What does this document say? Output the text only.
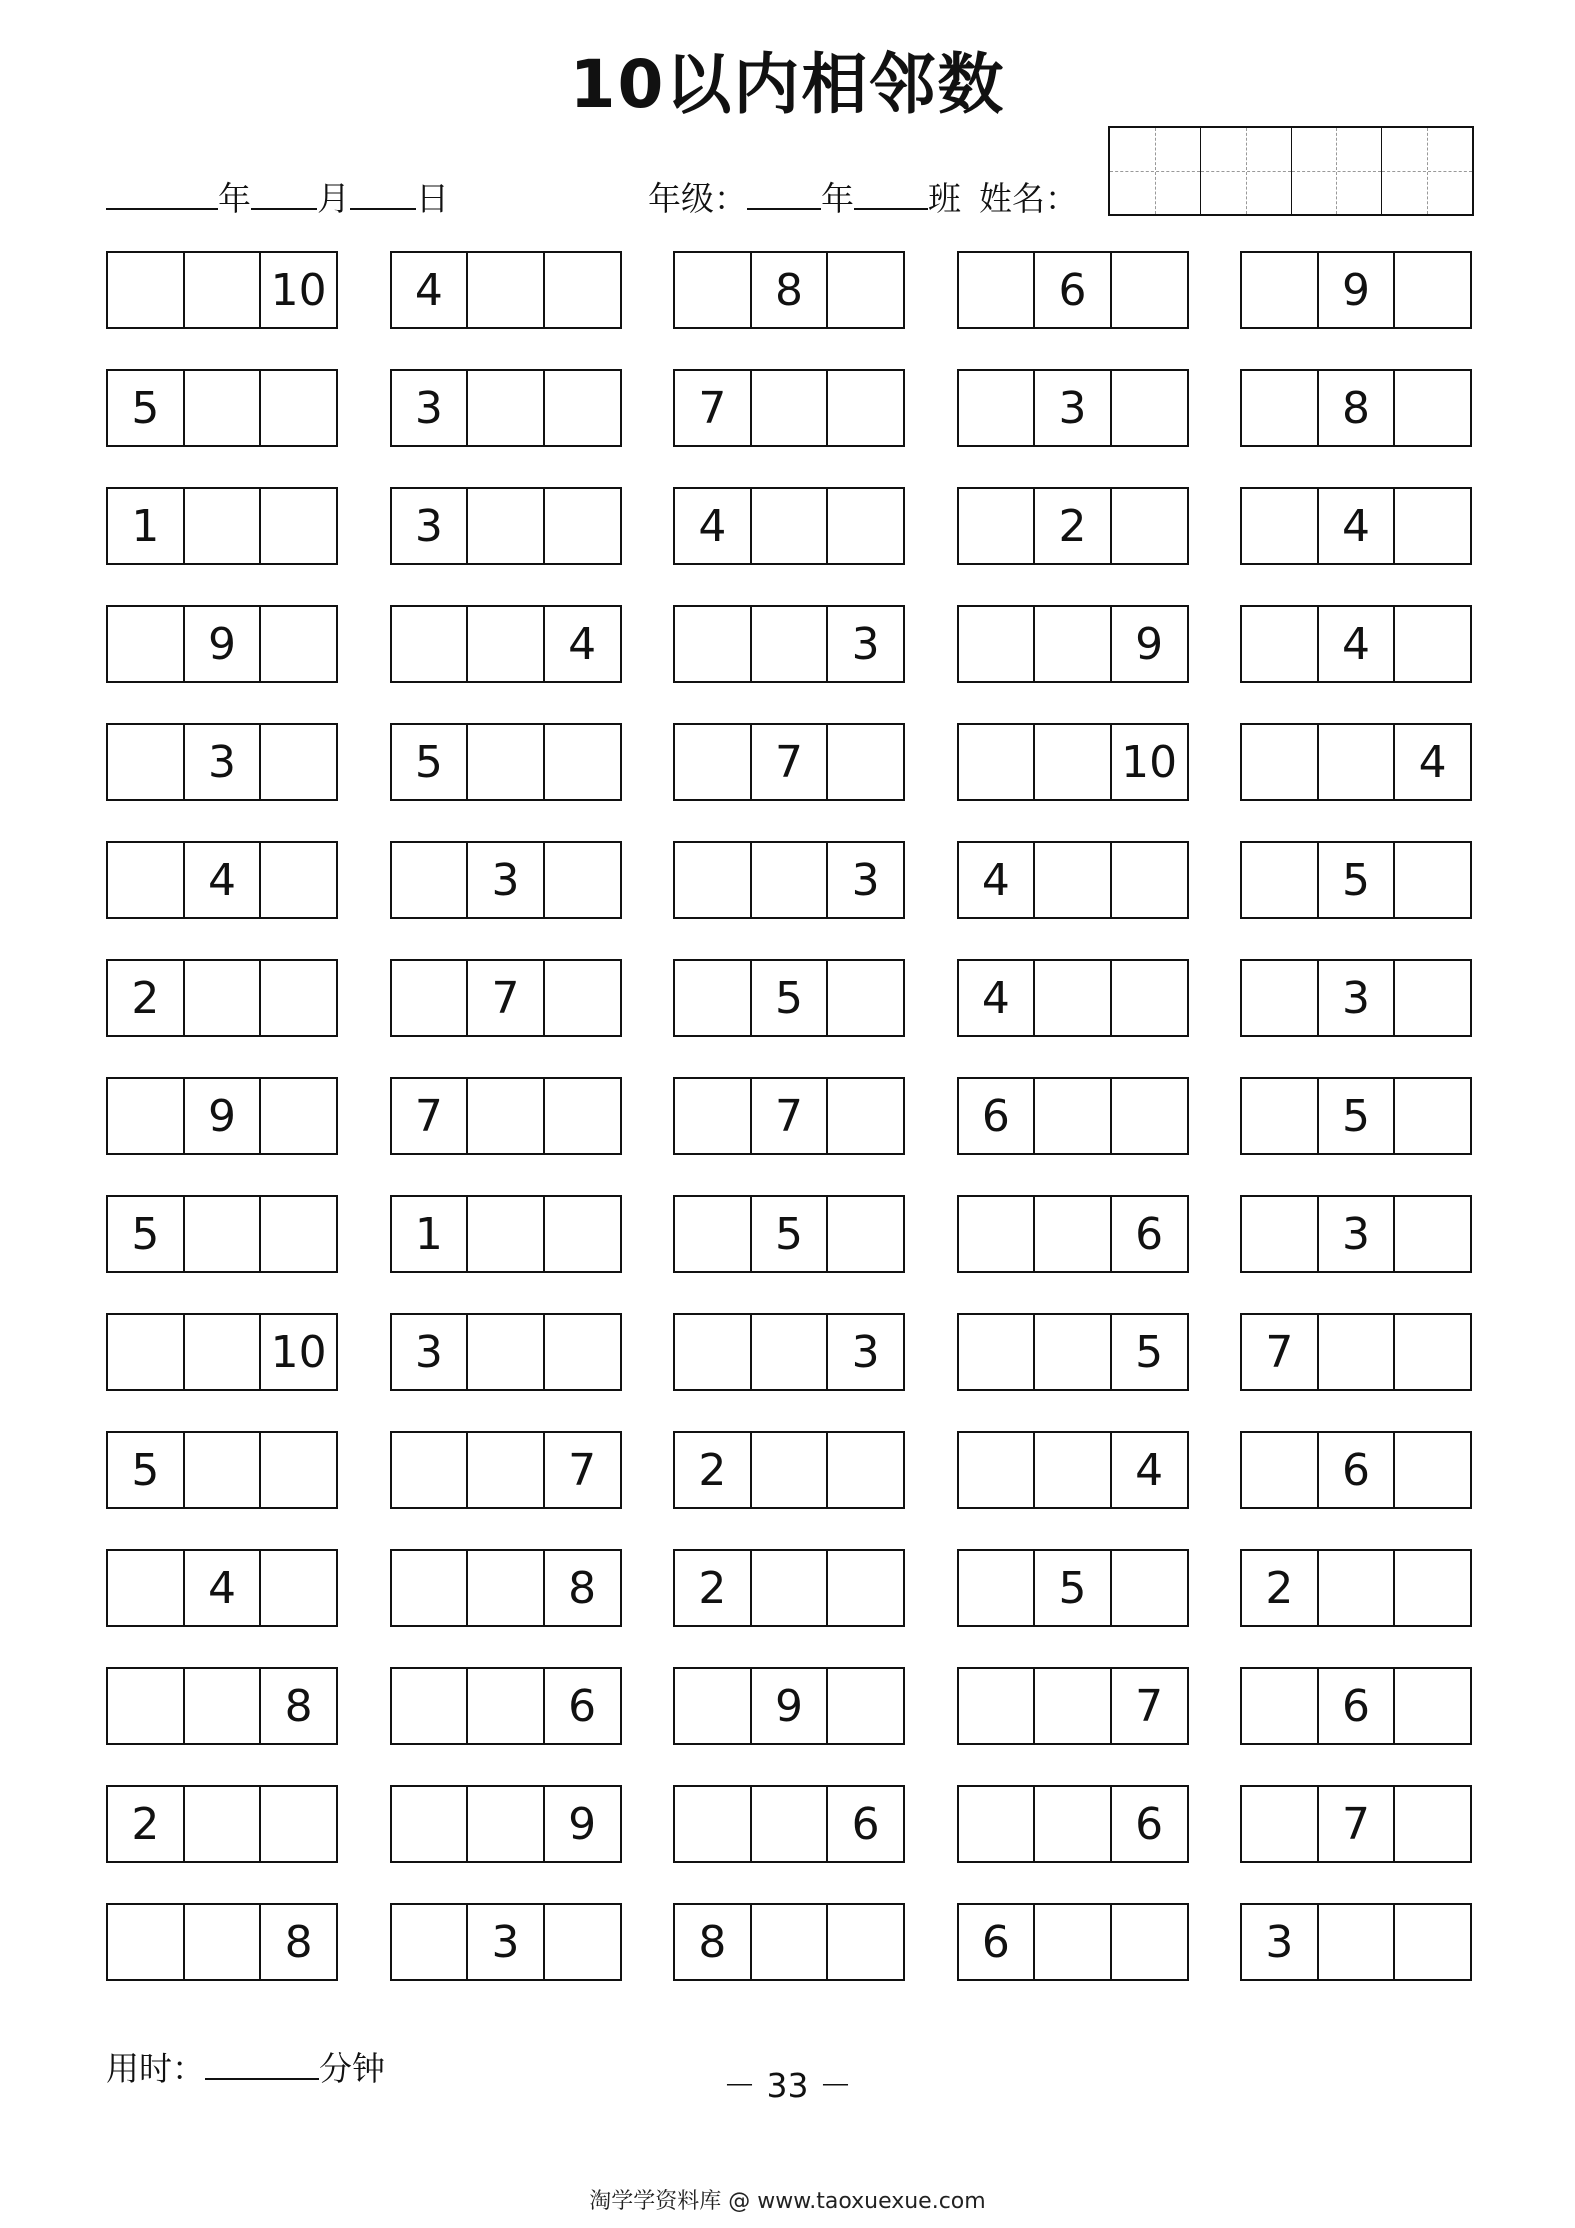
10以内相邻数
年 月 日	年级： 年 班 姓名：
10	4	8	6	9
5	3	7	3	8
1	3	4	2	4
9	4	3	9	4
3	5	7	10	4
4	3	3	4	5
2	7	5	4	3
9	7	7	6	5
5	1	5	6	3
10	3	3	5	7
5	7	2	4	6
4	8	2	5	2
8	6	9	7	6
2	9	6	6	7
8	3	8	6	3
用时：	分钟	－ 33 －
淘学学资料库 @ www.taoxuexue.com
